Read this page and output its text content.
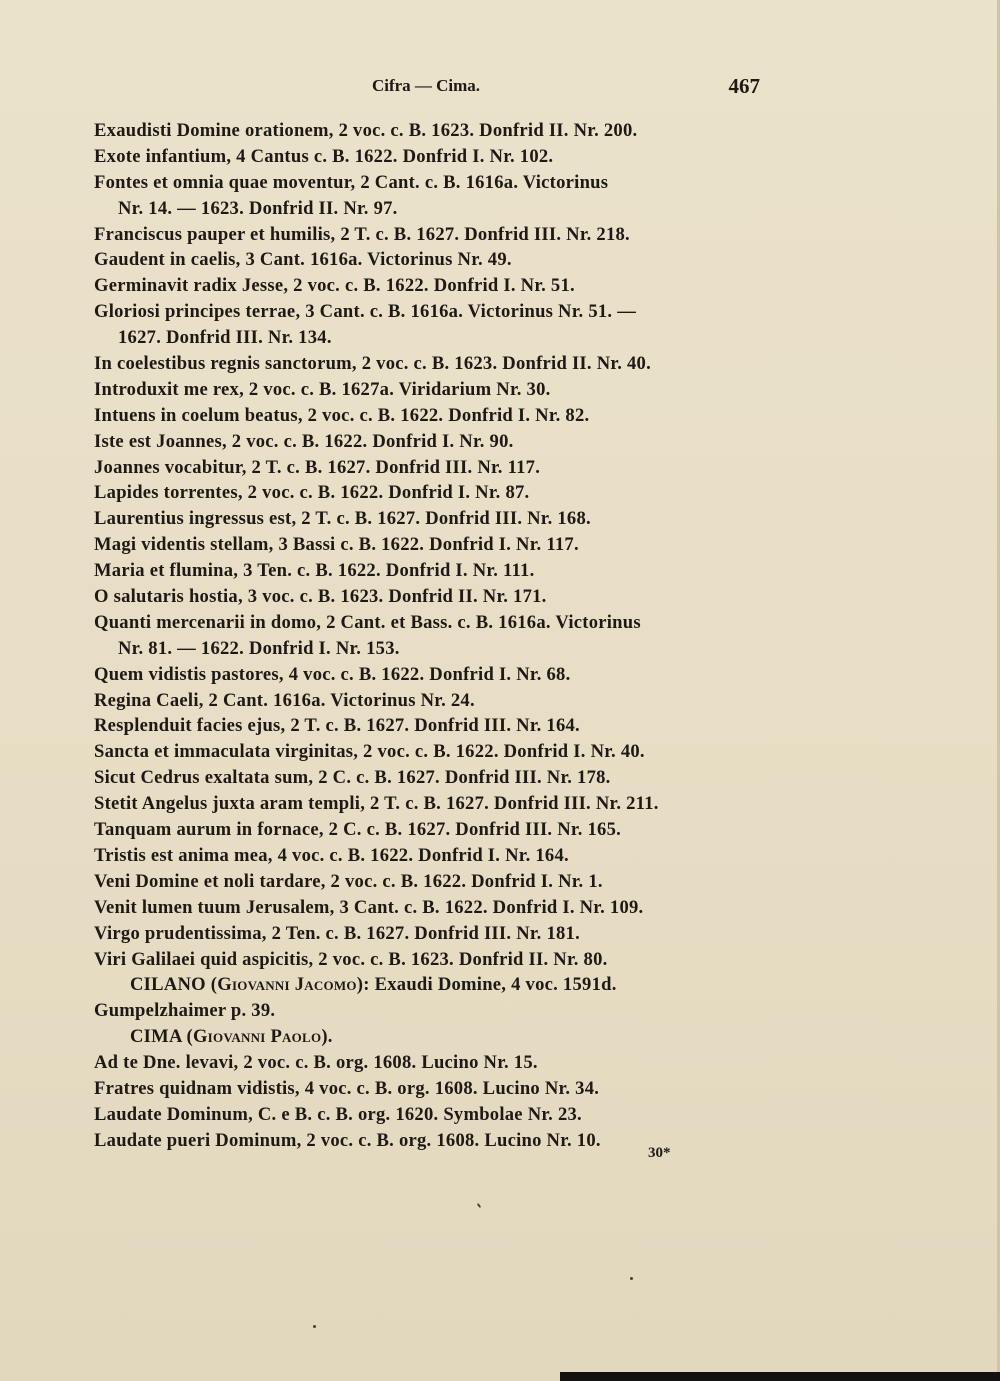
Cifra — Cima.	467
Exaudisti Domine orationem, 2 voc. c. B. 1623. Donfrid II. Nr. 200.
Exote infantium, 4 Cantus c. B. 1622. Donfrid I. Nr. 102.
Fontes et omnia quae moventur, 2 Cant. c. B. 1616a. Victorinus
Nr. 14. — 1623. Donfrid II. Nr. 97.
Franciscus pauper et humilis, 2 T. c. B. 1627. Donfrid III. Nr. 218.
Gaudent in caelis, 3 Cant. 1616a. Victorinus Nr. 49.
Germinavit radix Jesse, 2 voc. c. B. 1622. Donfrid I. Nr. 51.
Gloriosi principes terrae, 3 Cant. c. B. 1616a. Victorinus Nr. 51. —
1627. Donfrid III. Nr. 134.
In coelestibus regnis sanctorum, 2 voc. c. B. 1623. Donfrid II. Nr. 40.
Introduxit me rex, 2 voc. c. B. 1627a. Viridarium Nr. 30.
Intuens in coelum beatus, 2 voc. c. B. 1622. Donfrid I. Nr. 82.
Iste est Joannes, 2 voc. c. B. 1622. Donfrid I. Nr. 90.
Joannes vocabitur, 2 T. c. B. 1627. Donfrid III. Nr. 117.
Lapides torrentes, 2 voc. c. B. 1622. Donfrid I. Nr. 87.
Laurentius ingressus est, 2 T. c. B. 1627. Donfrid III. Nr. 168.
Magi videntis stellam, 3 Bassi c. B. 1622. Donfrid I. Nr. 117.
Maria et flumina, 3 Ten. c. B. 1622. Donfrid I. Nr. 111.
O salutaris hostia, 3 voc. c. B. 1623. Donfrid II. Nr. 171.
Quanti mercenarii in domo, 2 Cant. et Bass. c. B. 1616a. Victorinus
Nr. 81. — 1622. Donfrid I. Nr. 153.
Quem vidistis pastores, 4 voc. c. B. 1622. Donfrid I. Nr. 68.
Regina Caeli, 2 Cant. 1616a. Victorinus Nr. 24.
Resplenduit facies ejus, 2 T. c. B. 1627. Donfrid III. Nr. 164.
Sancta et immaculata virginitas, 2 voc. c. B. 1622. Donfrid I. Nr. 40.
Sicut Cedrus exaltata sum, 2 C. c. B. 1627. Donfrid III. Nr. 178.
Stetit Angelus juxta aram templi, 2 T. c. B. 1627. Donfrid III. Nr. 211.
Tanquam aurum in fornace, 2 C. c. B. 1627. Donfrid III. Nr. 165.
Tristis est anima mea, 4 voc. c. B. 1622. Donfrid I. Nr. 164.
Veni Domine et noli tardare, 2 voc. c. B. 1622. Donfrid I. Nr. 1.
Venit lumen tuum Jerusalem, 3 Cant. c. B. 1622. Donfrid I. Nr. 109.
Virgo prudentissima, 2 Ten. c. B. 1627. Donfrid III. Nr. 181.
Viri Galilaei quid aspicitis, 2 voc. c. B. 1623. Donfrid II. Nr. 80.
CILANO (Giovanni Jacomo): Exaudi Domine, 4 voc. 1591d.
Gumpelzhaimer p. 39.
CIMA (Giovanni Paolo).
Ad te Dne. levavi, 2 voc. c. B. org. 1608. Lucino Nr. 15.
Fratres quidnam vidistis, 4 voc. c. B. org. 1608. Lucino Nr. 34.
Laudate Dominum, C. e B. c. B. org. 1620. Symbolae Nr. 23.
Laudate pueri Dominum, 2 voc. c. B. org. 1608. Lucino Nr. 10.
30*
